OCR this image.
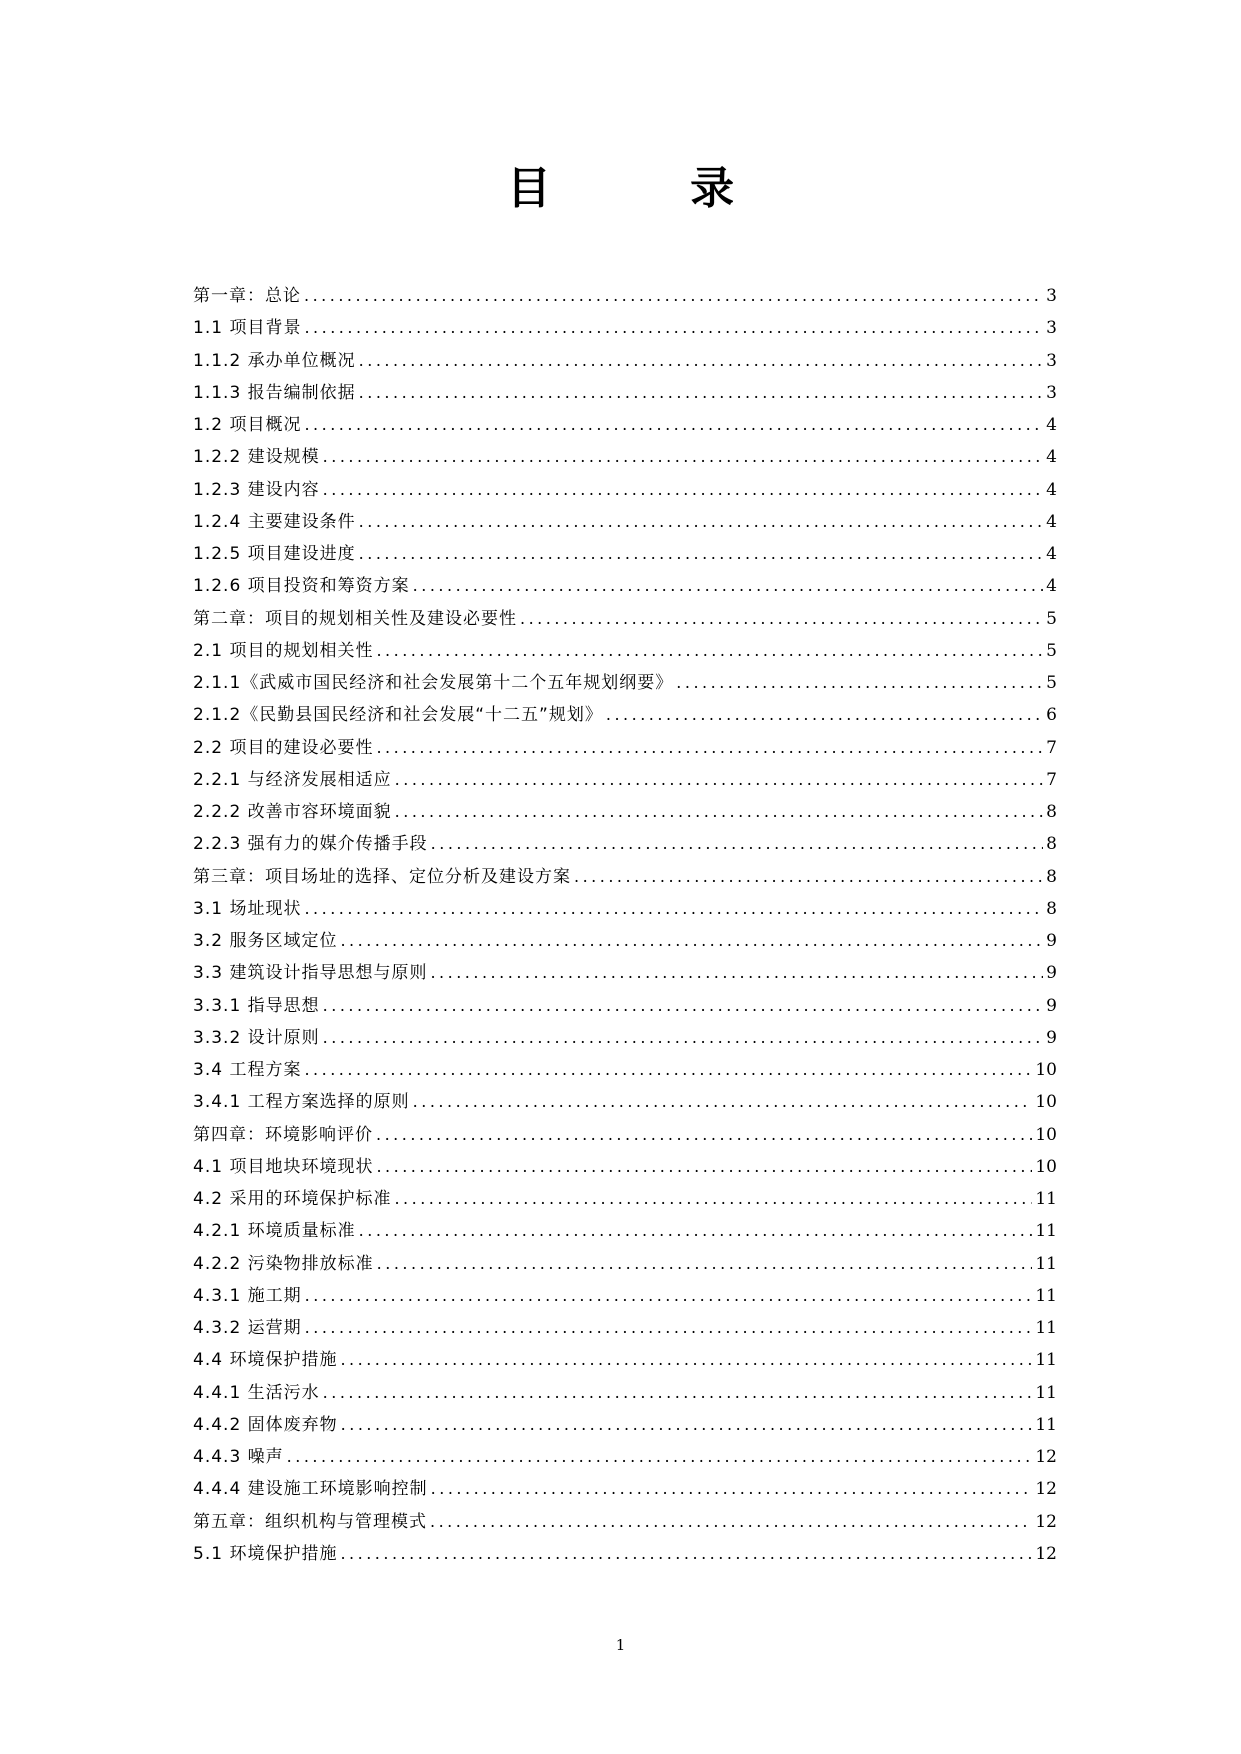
目 录
第一章：总论 .....	3
1.1 项目背景 .....	3
1.1.2 承办单位概况 .....	3
1.1.3 报告编制依据 .....	3
1.2 项目概况 .....	4
1.2.2 建设规模 .....	4
1.2.3 建设内容 .....	4
1.2.4 主要建设条件 .....	4
1.2.5 项目建设进度 .....	4
1.2.6 项目投资和筹资方案 .....	4
第二章：项目的规划相关性及建设必要性 .....	5
2.1 项目的规划相关性 .....	5
2.1.1《武威市国民经济和社会发展第十二个五年规划纲要》 .....	5
2.1.2《民勤县国民经济和社会发展“十二五”规划》 .....	6
2.2 项目的建设必要性 .....	7
2.2.1 与经济发展相适应 .....	7
2.2.2 改善市容环境面貌 .....	8
2.2.3 强有力的媒介传播手段 .....	8
第三章：项目场址的选择、定位分析及建设方案 .....	8
3.1 场址现状 .....	8
3.2 服务区域定位 .....	9
3.3 建筑设计指导思想与原则 .....	9
3.3.1 指导思想 .....	9
3.3.2 设计原则 .....	9
3.4 工程方案 .....	10
3.4.1 工程方案选择的原则 .....	10
第四章：环境影响评价 .....	10
4.1 项目地块环境现状 .....	10
4.2 采用的环境保护标准 .....	11
4.2.1 环境质量标准 .....	11
4.2.2 污染物排放标准 .....	11
4.3.1 施工期 .....	11
4.3.2 运营期 .....	11
4.4 环境保护措施 .....	11
4.4.1 生活污水 .....	11
4.4.2 固体废弃物 .....	11
4.4.3 噪声 .....	12
4.4.4 建设施工环境影响控制 .....	12
第五章：组织机构与管理模式 .....	12
5.1 环境保护措施 .....	12
1
